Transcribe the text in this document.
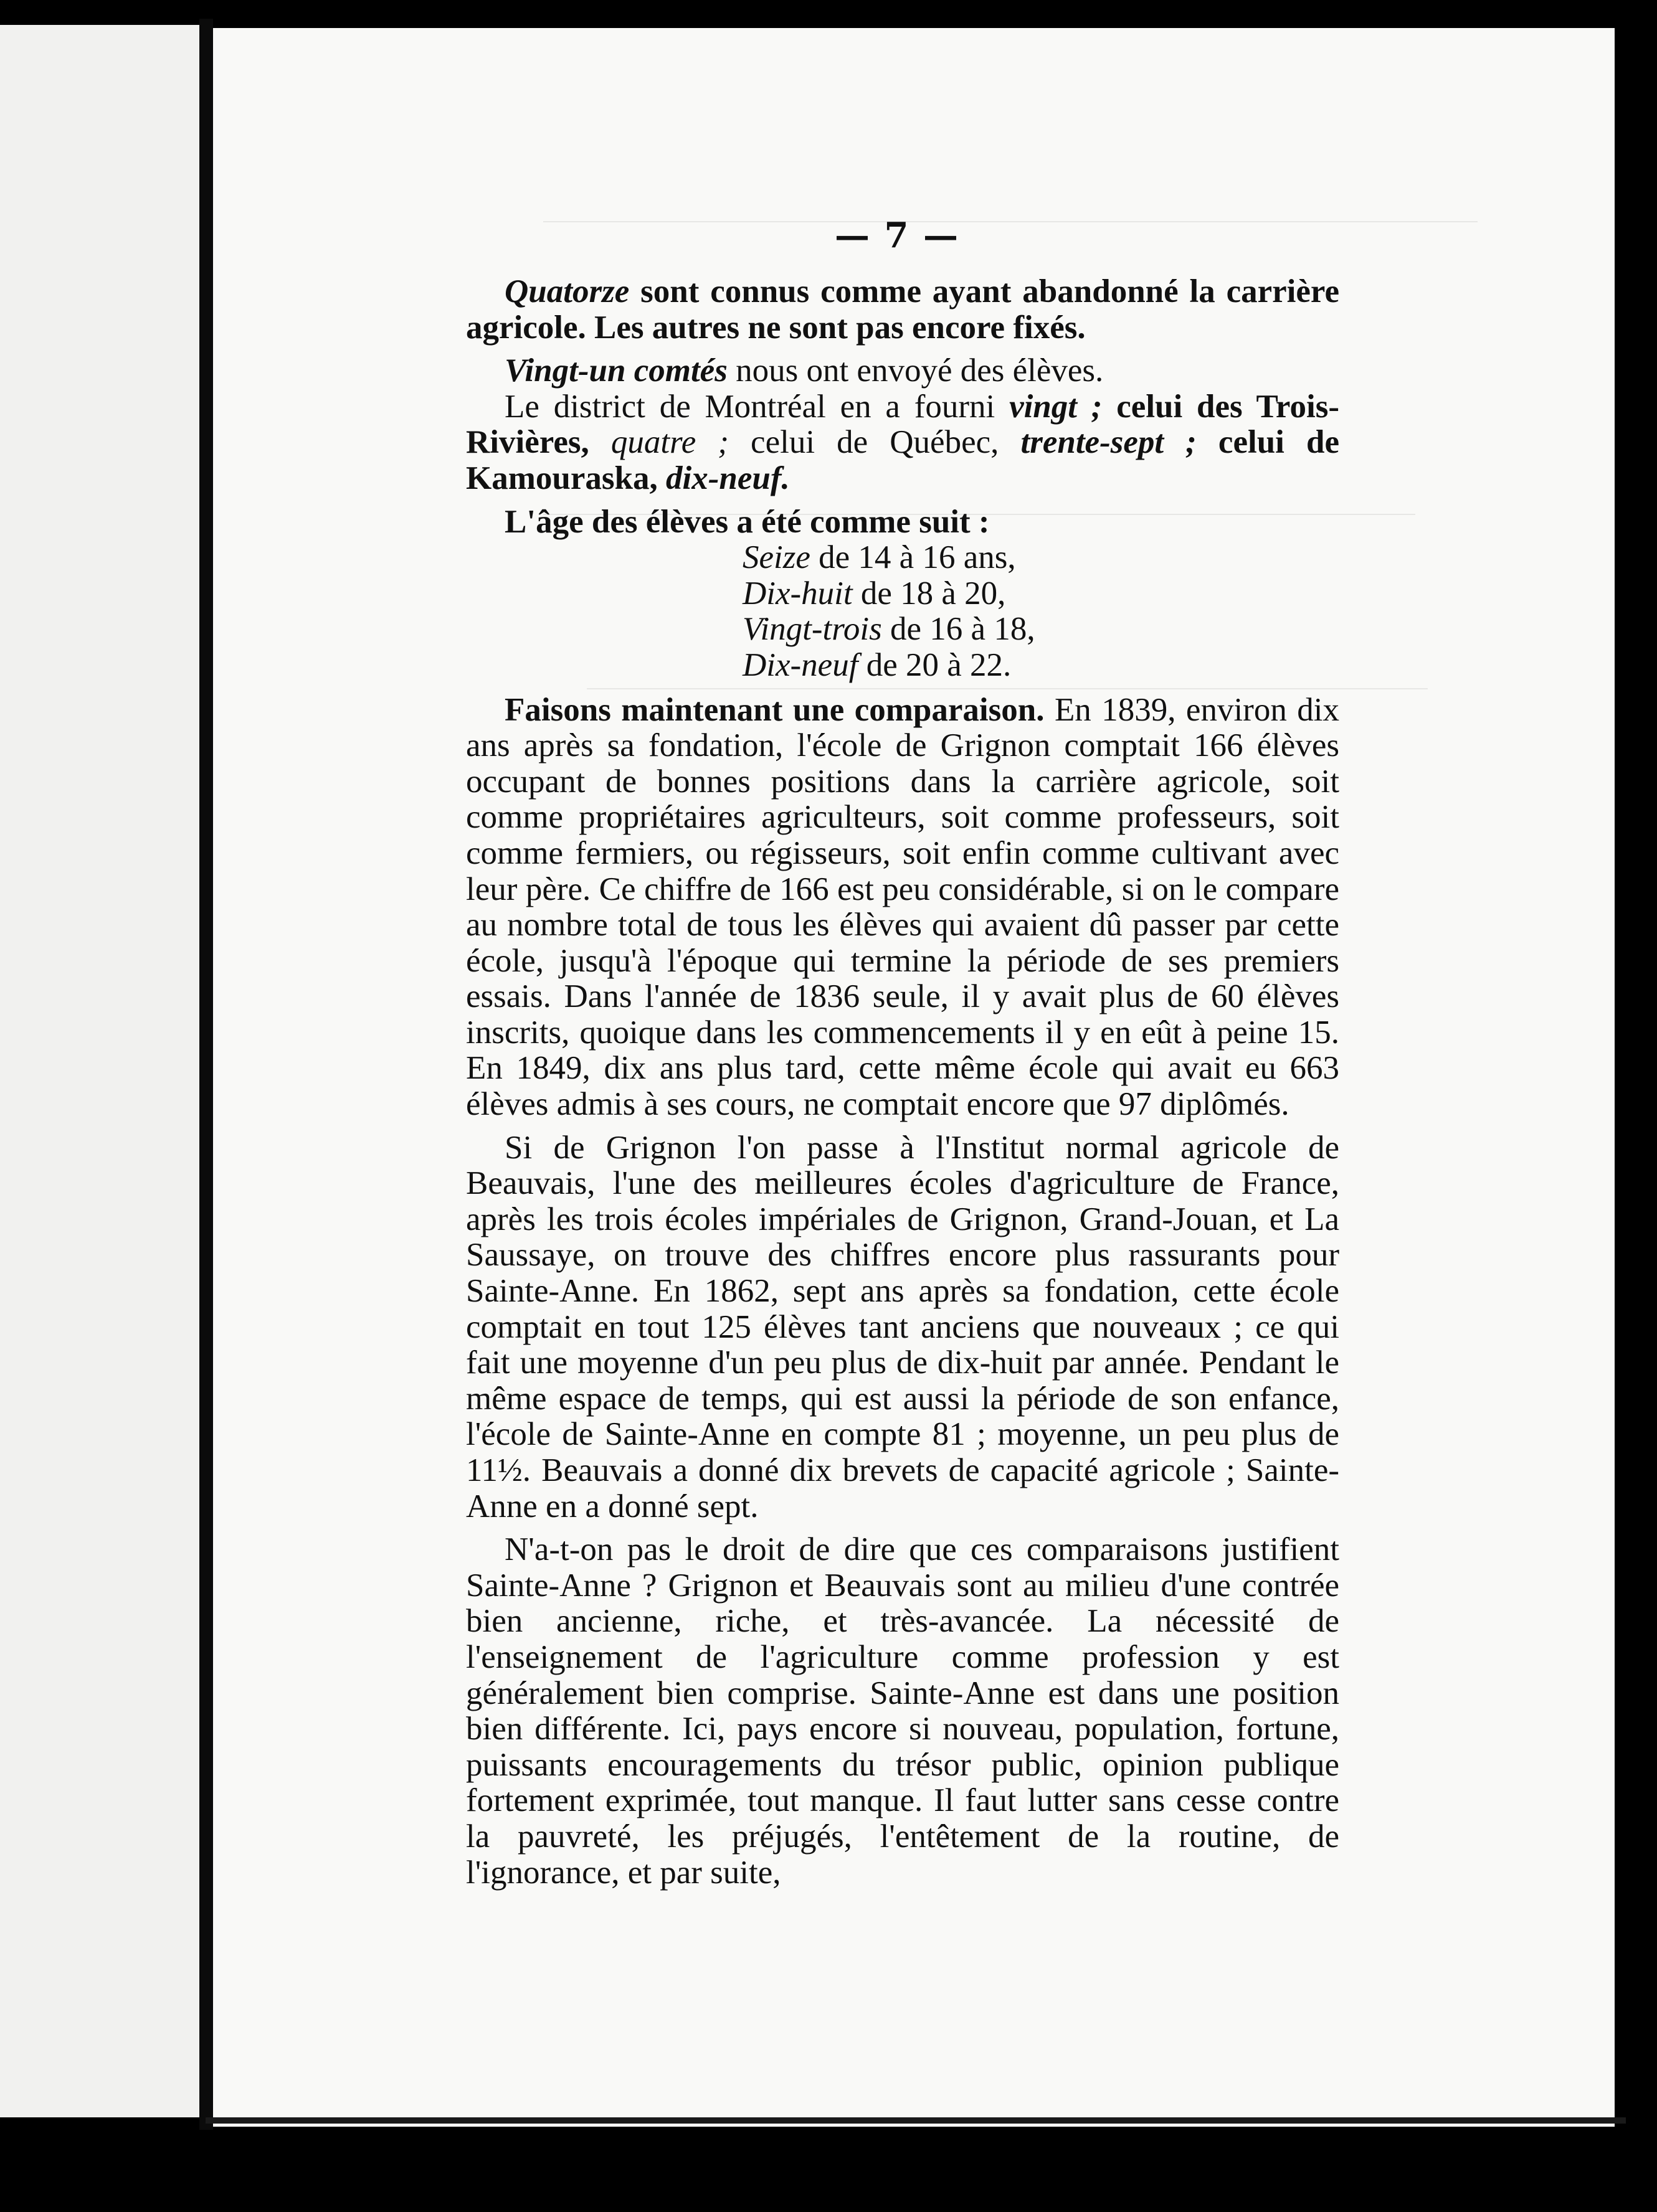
— 7 —

Quatorze sont connus comme ayant abandonné la carrière agricole. Les autres ne sont pas encore fixés.

Vingt-un comtés nous ont envoyé des élèves.

Le district de Montréal en a fourni vingt ; celui des Trois-Rivières, quatre ; celui de Québec, trente-sept ; celui de Kamouraska, dix-neuf.

L'âge des élèves a été comme suit :

Seize de 14 à 16 ans,
Dix-huit de 18 à 20,
Vingt-trois de 16 à 18,
Dix-neuf de 20 à 22.

Faisons maintenant une comparaison. En 1839, environ dix ans après sa fondation, l'école de Grignon comptait 166 élèves occupant de bonnes positions dans la carrière agricole, soit comme propriétaires agriculteurs, soit comme professeurs, soit comme fermiers, ou régisseurs, soit enfin comme cultivant avec leur père. Ce chiffre de 166 est peu considérable, si on le compare au nombre total de tous les élèves qui avaient dû passer par cette école, jusqu'à l'époque qui termine la période de ses premiers essais. Dans l'année de 1836 seule, il y avait plus de 60 élèves inscrits, quoique dans les commencements il y en eût à peine 15. En 1849, dix ans plus tard, cette même école qui avait eu 663 élèves admis à ses cours, ne comptait encore que 97 diplômés.

Si de Grignon l'on passe à l'Institut normal agricole de Beauvais, l'une des meilleures écoles d'agriculture de France, après les trois écoles impériales de Grignon, Grand-Jouan, et La Saussaye, on trouve des chiffres encore plus rassurants pour Sainte-Anne. En 1862, sept ans après sa fondation, cette école comptait en tout 125 élèves tant anciens que nouveaux ; ce qui fait une moyenne d'un peu plus de dix-huit par année. Pendant le même espace de temps, qui est aussi la période de son enfance, l'école de Sainte-Anne en compte 81 ; moyenne, un peu plus de 11½. Beauvais a donné dix brevets de capacité agricole ; Sainte-Anne en a donné sept.

N'a-t-on pas le droit de dire que ces comparaisons justifient Sainte-Anne ? Grignon et Beauvais sont au milieu d'une contrée bien ancienne, riche, et très-avancée. La nécessité de l'enseignement de l'agriculture comme profession y est généralement bien comprise. Sainte-Anne est dans une position bien différente. Ici, pays encore si nouveau, population, fortune, puissants encouragements du trésor public, opinion publique fortement exprimée, tout manque. Il faut lutter sans cesse contre la pauvreté, les préjugés, l'entêtement de la routine, de l'ignorance, et par suite,
